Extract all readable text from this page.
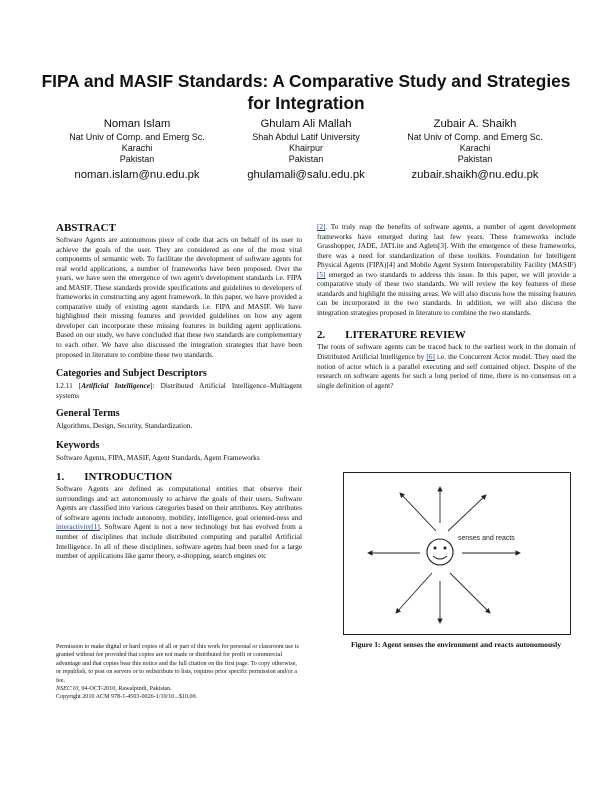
FIPA and MASIF Standards: A Comparative Study and Strategies for Integration
Noman Islam
Nat Univ of Comp. and Emerg Sc.
Karachi
Pakistan
noman.islam@nu.edu.pk
Ghulam Ali Mallah
Shah Abdul Latif University
Khairpur
Pakistan
ghulamali@salu.edu.pk
Zubair A. Shaikh
Nat Univ of Comp. and Emerg Sc.
Karachi
Pakistan
zubair.shaikh@nu.edu.pk
ABSTRACT

Software Agents are autonomous piece of code that acts on behalf of its user to achieve the goals of the user. They are considered as one of the most vital components of semantic web. To facilitate the development of software agents for real world applications, a number of frameworks have been proposed. Over the years, we have seen the emergence of two agent's development standards i.e. FIPA and MASIF. These standards provide specifications and guidelines to developers of frameworks in constructing any agent framework. In this paper, we have provided a comparative study of existing agent standards i.e. FIPA and MASIF. We have highlighted their missing features and provided guidelines on how any agent developer can incorporate these missing features in building agent applications. Based on our study, we have concluded that these two standards are complementary to each other. We have also discussed the integration strategies that have been proposed in literature to combine these two standards.

Categories and Subject Descriptors

I.2.11 [Artificial Intelligence]: Distributed Artificial Intelligence–Multiagent systems

General Terms

Algorithms, Design, Security, Standardization.

Keywords

Software Agents, FIPA, MASIF, Agent Standards, Agent Frameworks

1. INTRODUCTION

Software Agents are defined as computational entities that observe their surroundings and act autonomously to achieve the goals of their users. Software Agents are classified into various categories based on their attributes. Key attributes of software agents include autonomy, mobility, intelligence, goal oriented-ness and interactivity[1]. Software Agent is not a new technology but has evolved from a number of disciplines that include distributed computing and parallel Artificial Intelligence. In all of these disciplines, software agents had been used for a large number of applications like game theory, e-shopping, search engines etc

Permission to make digital or hard copies of all or part of this work for personal or classroom use is granted without fee provided that copies are not made or distributed for profit or commercial advantage and that copies bear this notice and the full citation on the first page. To copy otherwise, or republish, to post on servers or to redistribute to lists, requires prior specific permission and/or a fee.
NSEC'10, 04-OCT-2010, Rawalpindi, Pakistan.
Copyright 2010 ACM 978-1-4503-0026-1/10/10...$10.00.

[2]. To truly reap the benefits of software agents, a number of agent development frameworks have emerged during last few years. These frameworks include Grasshopper, JADE, JATLite and Aglets[3]. With the emergence of these frameworks, there was a need for standardization of these toolkits. Foundation for Intelligent Physical Agents (FIPA)[4] and Mobile Agent System Interoperability Facility (MASIF) [5] emerged as two standards to address this issue. In this paper, we will provide a comparative study of these two standards. We will review the key features of these standards and highlight the missing areas. We will also discuss how the missing features can be incorporated in the two standards. In addition, we will also discuss the integration strategies proposed in literature to combine the two standards.

2. LITERATURE REVIEW

The roots of software agents can be traced back to the earliest work in the domain of Distributed Artificial Intelligence by [6] i.e. the Concurrent Actor model. They used the notion of actor which is a parallel executing and self contained object. Despite of the research on software agents for such a long period of time, there is no consensus on a single definition of agent?

senses and reacts
Figure 1: Agent senses the environment and reacts autonomously
